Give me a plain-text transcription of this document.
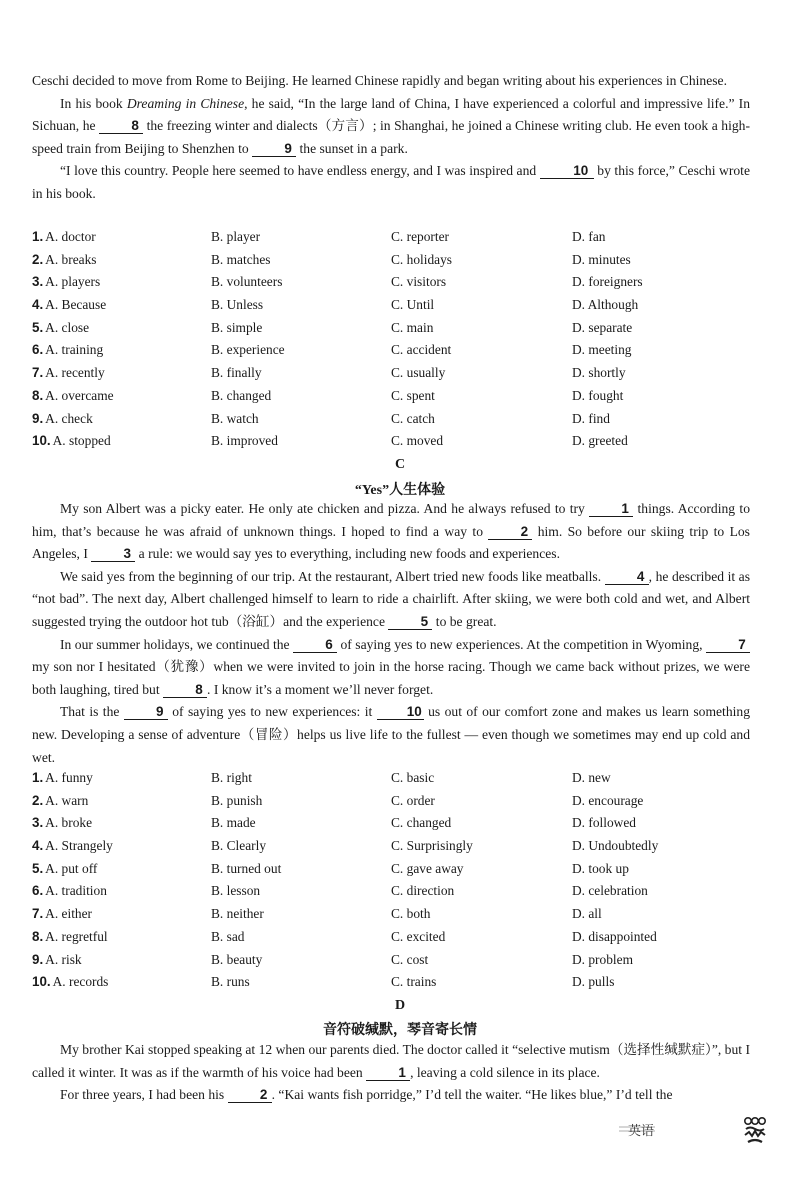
Ceschi decided to move from Rome to Beijing. He learned Chinese rapidly and began writing about his experiences in Chinese.

In his book Dreaming in Chinese, he said, “In the large land of China, I have experienced a colorful and impressive life.” In Sichuan, he 8 the freezing winter and dialects（方言）; in Shanghai, he joined a Chinese writing club. He even took a high-speed train from Beijing to Shenzhen to 9 the sunset in a park.

“I love this country. People here seemed to have endless energy, and I was inspired and 10 by this force,” Ceschi wrote in his book.

1. A. doctor	B. player	C. reporter	D. fan
2. A. breaks	B. matches	C. holidays	D. minutes
3. A. players	B. volunteers	C. visitors	D. foreigners
4. A. Because	B. Unless	C. Until	D. Although
5. A. close	B. simple	C. main	D. separate
6. A. training	B. experience	C. accident	D. meeting
7. A. recently	B. finally	C. usually	D. shortly
8. A. overcame	B. changed	C. spent	D. fought
9. A. check	B. watch	C. catch	D. find
10. A. stopped	B. improved	C. moved	D. greeted
C
“Yes”人生体验

My son Albert was a picky eater. He only ate chicken and pizza. And he always refused to try 1 things. According to him, that’s because he was afraid of unknown things. I hoped to find a way to 2 him. So before our skiing trip to Los Angeles, I 3 a rule: we would say yes to everything, including new foods and experiences.

We said yes from the beginning of our trip. At the restaurant, Albert tried new foods like meatballs. 4 , he described it as “not bad”. The next day, Albert challenged himself to learn to ride a chairlift. After skiing, we were both cold and wet, and Albert suggested trying the outdoor hot tub（浴缸）and the experience 5 to be great.

In our summer holidays, we continued the 6 of saying yes to new experiences. At the competition in Wyoming, 7 my son nor I hesitated（犹豫）when we were invited to join in the horse racing. Though we came back without prizes, we were both laughing, tired but 8 . I know it’s a moment we’ll never forget.

That is the 9 of saying yes to new experiences: it 10 us out of our comfort zone and makes us learn something new. Developing a sense of adventure（冒险）helps us live life to the fullest — even though we sometimes may end up cold and wet.

1. A. funny	B. right	C. basic	D. new
2. A. warn	B. punish	C. order	D. encourage
3. A. broke	B. made	C. changed	D. followed
4. A. Strangely	B. Clearly	C. Surprisingly	D. Undoubtedly
5. A. put off	B. turned out	C. gave away	D. took up
6. A. tradition	B. lesson	C. direction	D. celebration
7. A. either	B. neither	C. both	D. all
8. A. regretful	B. sad	C. excited	D. disappointed
9. A. risk	B. beauty	C. cost	D. problem
10. A. records	B. runs	C. trains	D. pulls
D
音符破缄默，琴音寄长情

My brother Kai stopped speaking at 12 when our parents died. The doctor called it “selective mutism（选择性缄默症）”, but I called it winter. It was as if the warmth of his voice had been 1 , leaving a cold silence in its place.

For three years, I had been his 2 . “Kai wants fish porridge,” I’d tell the waiter. “He likes blue,” I’d tell the

英语
